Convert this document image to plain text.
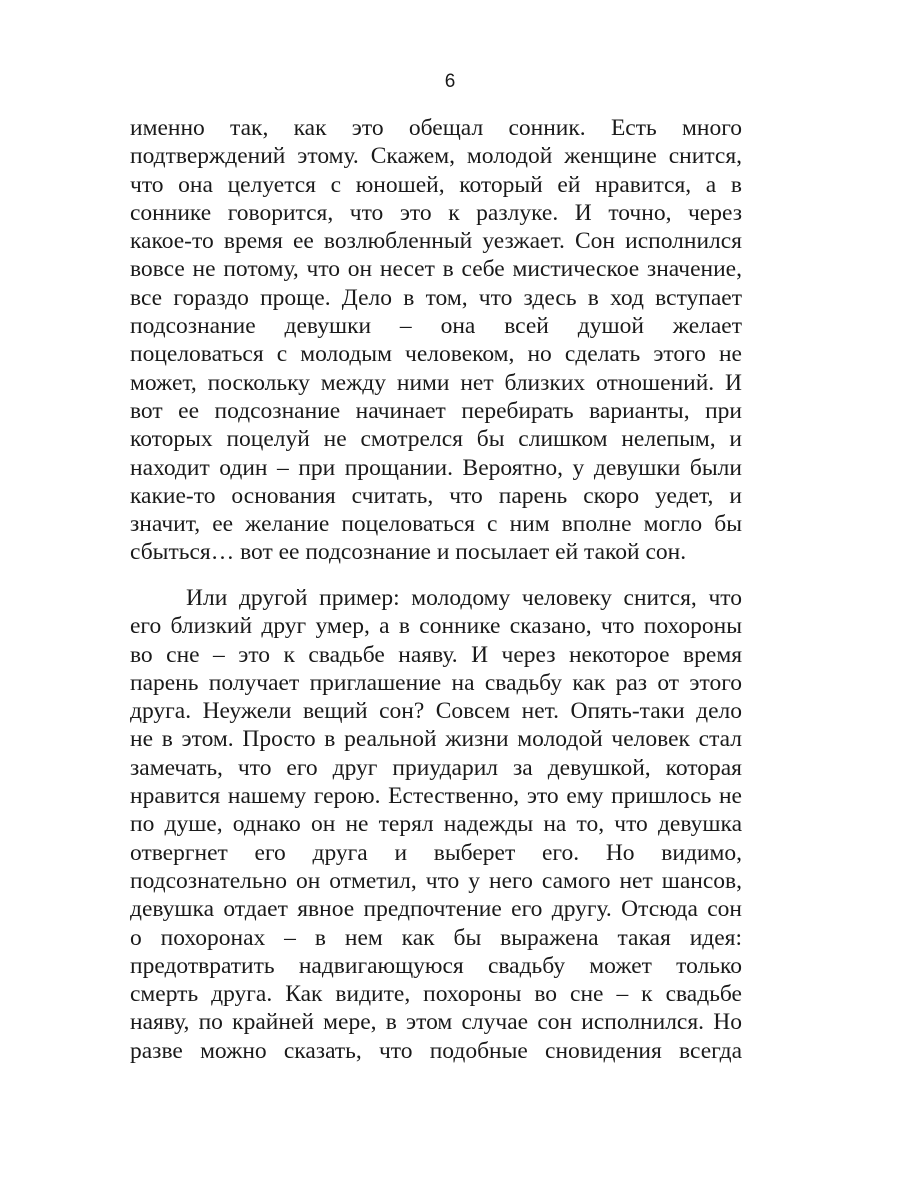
6
именно так, как это обещал сонник. Есть много
подтверждений этому. Скажем, молодой женщине снится,
что она целуется с юношей, который ей нравится, а в
соннике говорится, что это к разлуке. И точно, через
какое-то время ее возлюбленный уезжает. Сон исполнился
вовсе не потому, что он несет в себе мистическое значение,
все гораздо проще. Дело в том, что здесь в ход вступает
подсознание девушки – она всей душой желает
поцеловаться с молодым человеком, но сделать этого не
может, поскольку между ними нет близких отношений. И
вот ее подсознание начинает перебирать варианты, при
которых поцелуй не смотрелся бы слишком нелепым, и
находит один – при прощании. Вероятно, у девушки были
какие-то основания считать, что парень скоро уедет, и
значит, ее желание поцеловаться с ним вполне могло бы
сбыться… вот ее подсознание и посылает ей такой сон.
Или другой пример: молодому человеку снится, что
его близкий друг умер, а в соннике сказано, что похороны
во сне – это к свадьбе наяву. И через некоторое время
парень получает приглашение на свадьбу как раз от этого
друга. Неужели вещий сон? Совсем нет. Опять-таки дело
не в этом. Просто в реальной жизни молодой человек стал
замечать, что его друг приударил за девушкой, которая
нравится нашему герою. Естественно, это ему пришлось не
по душе, однако он не терял надежды на то, что девушка
отвергнет его друга и выберет его. Но видимо,
подсознательно он отметил, что у него самого нет шансов,
девушка отдает явное предпочтение его другу. Отсюда сон
о похоронах – в нем как бы выражена такая идея:
предотвратить надвигающуюся свадьбу может только
смерть друга. Как видите, похороны во сне – к свадьбе
наяву, по крайней мере, в этом случае сон исполнился. Но
разве можно сказать, что подобные сновидения всегда
